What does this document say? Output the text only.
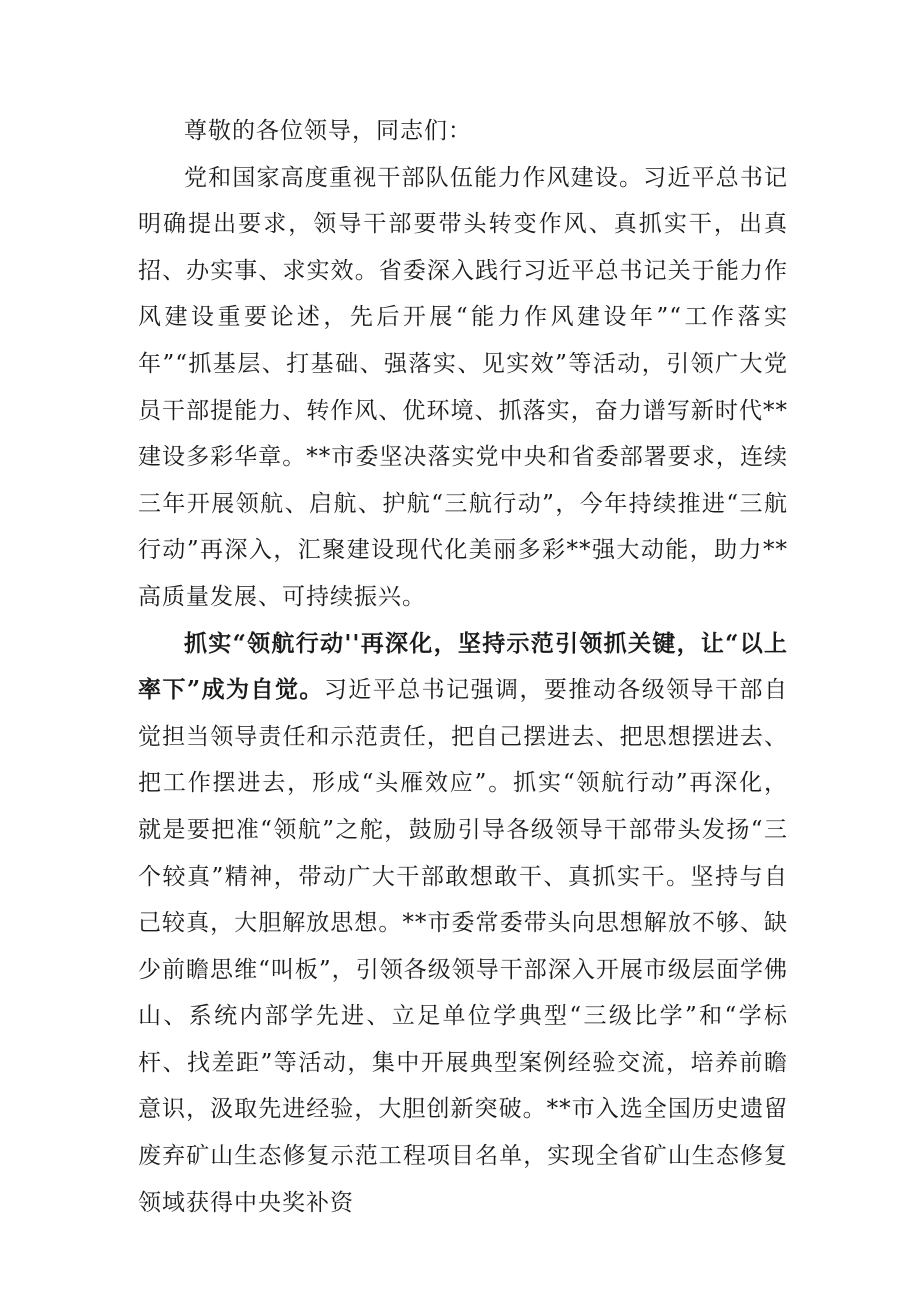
尊敬的各位领导，同志们：

党和国家高度重视干部队伍能力作风建设。习近平总书记明确提出要求，领导干部要带头转变作风、真抓实干，出真招、办实事、求实效。省委深入践行习近平总书记关于能力作风建设重要论述，先后开展“能力作风建设年”“工作落实年”“抓基层、打基础、强落实、见实效”等活动，引领广大党员干部提能力、转作风、优环境、抓落实，奋力谱写新时代**建设多彩华章。**市委坚决落实党中央和省委部署要求，连续三年开展领航、启航、护航“三航行动”，今年持续推进“三航行动”再深入，汇聚建设现代化美丽多彩**强大动能，助力**高质量发展、可持续振兴。

抓实“领航行动''再深化，坚持示范引领抓关键，让“以上率下”成为自觉。习近平总书记强调，要推动各级领导干部自觉担当领导责任和示范责任，把自己摆进去、把思想摆进去、把工作摆进去，形成“头雁效应”。抓实“领航行动”再深化，就是要把准“领航”之舵，鼓励引导各级领导干部带头发扬“三个较真”精神，带动广大干部敢想敢干、真抓实干。坚持与自己较真，大胆解放思想。**市委常委带头向思想解放不够、缺少前瞻思维“叫板”，引领各级领导干部深入开展市级层面学佛山、系统内部学先进、立足单位学典型“三级比学”和“学标杆、找差距”等活动，集中开展典型案例经验交流，培养前瞻意识，汲取先进经验，大胆创新突破。**市入选全国历史遗留废弃矿山生态修复示范工程项目名单，实现全省矿山生态修复领域获得中央奖补资
